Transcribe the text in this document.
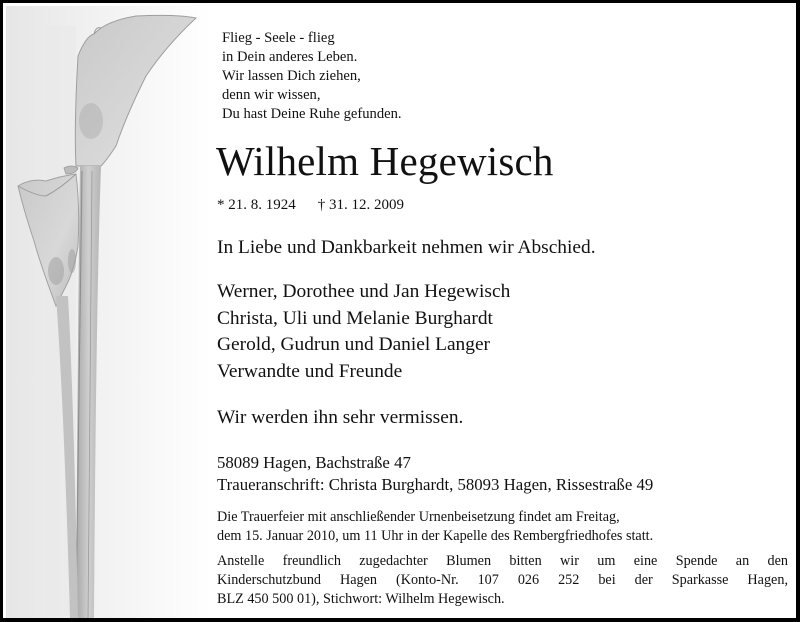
Flieg - Seele - flieg
in Dein anderes Leben.
Wir lassen Dich ziehen,
denn wir wissen,
Du hast Deine Ruhe gefunden.
Wilhelm Hegewisch
* 21. 8. 1924 † 31. 12. 2009
In Liebe und Dankbarkeit nehmen wir Abschied.
Werner, Dorothee und Jan Hegewisch
Christa, Uli und Melanie Burghardt
Gerold, Gudrun und Daniel Langer
Verwandte und Freunde
Wir werden ihn sehr vermissen.
58089 Hagen, Bachstraße 47
Traueranschrift: Christa Burghardt, 58093 Hagen, Rissestraße 49
Die Trauerfeier mit anschließender Urnenbeisetzung findet am Freitag,
dem 15. Januar 2010, um 11 Uhr in der Kapelle des Rembergfriedhofes statt.
Anstelle freundlich zugedachter Blumen bitten wir um eine Spende an den
Kinderschutzbund Hagen (Konto-Nr. 107 026 252 bei der Sparkasse Hagen,
BLZ 450 500 01), Stichwort: Wilhelm Hegewisch.
